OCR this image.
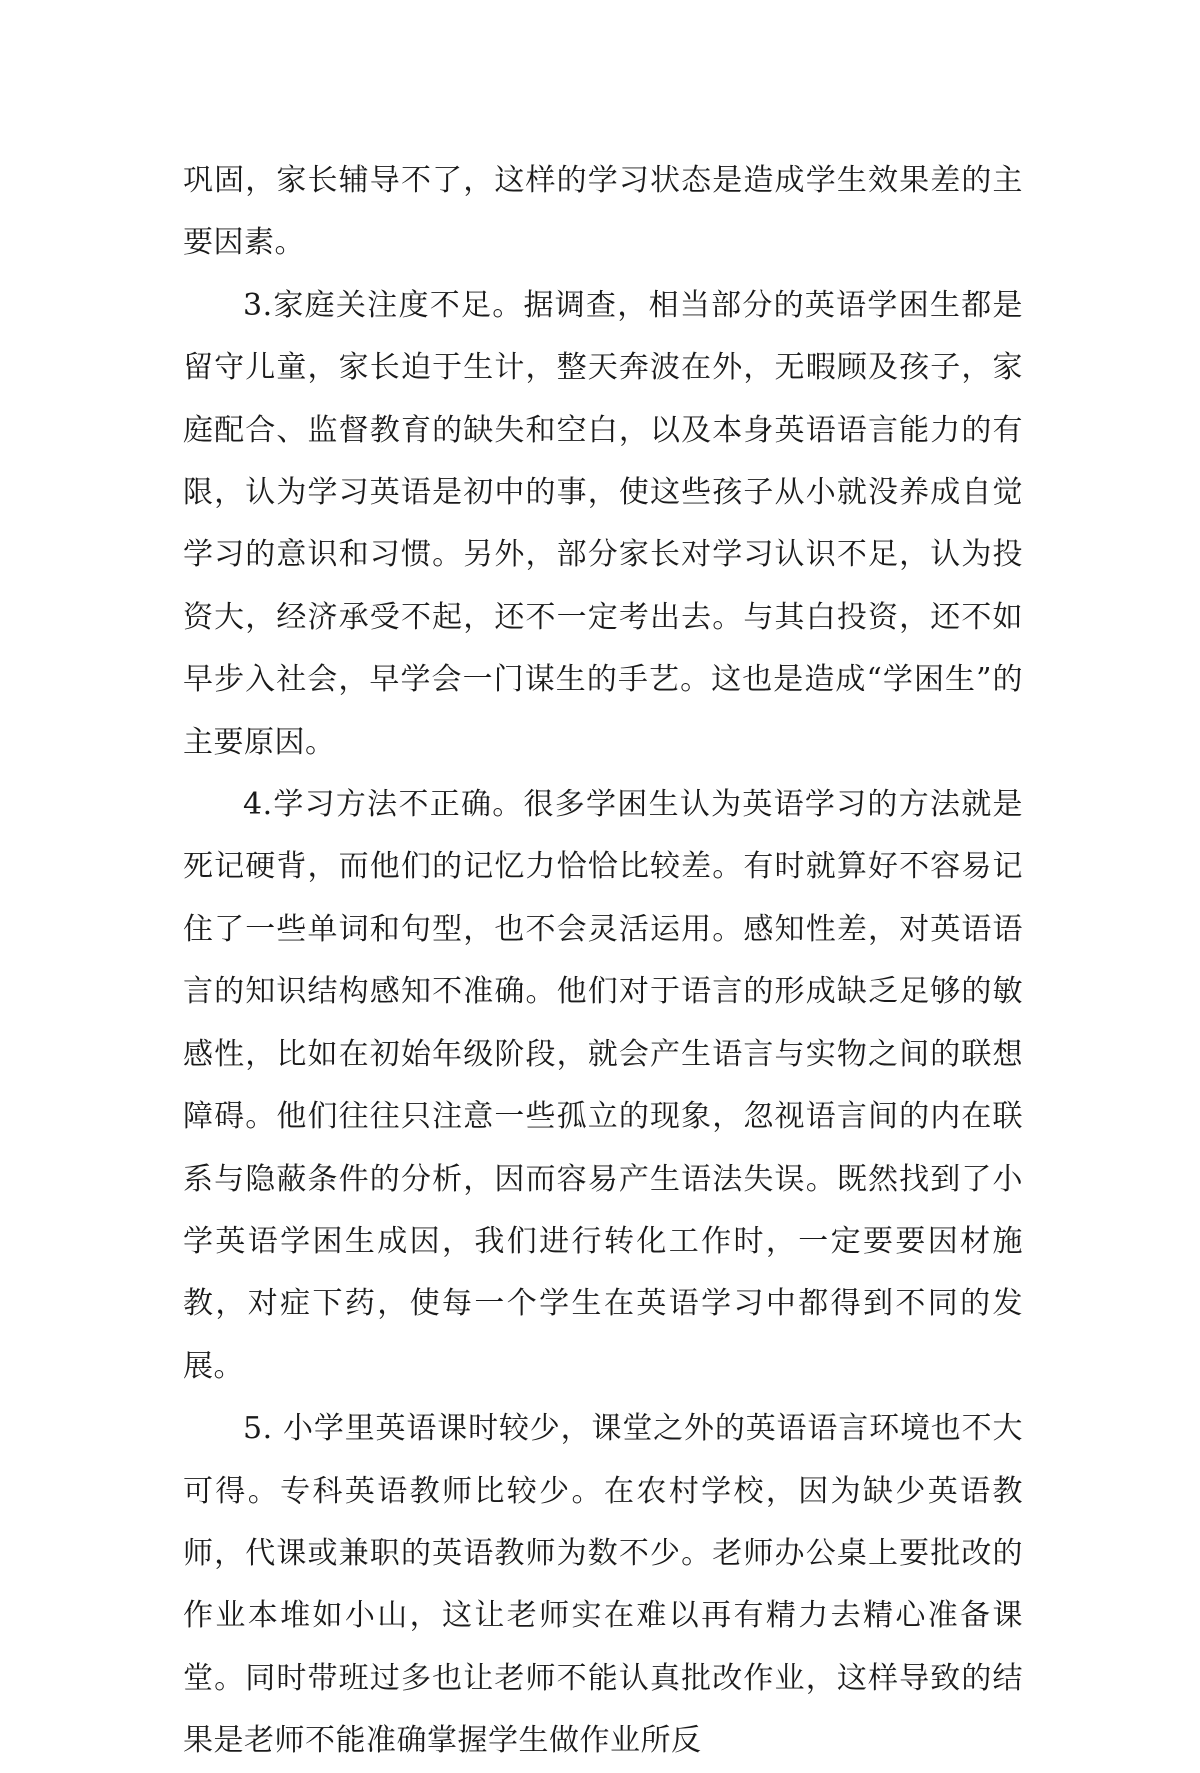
巩固，家长辅导不了，这样的学习状态是造成学生效果差的主要因素。

3.家庭关注度不足。据调查，相当部分的英语学困生都是留守儿童，家长迫于生计，整天奔波在外，无暇顾及孩子，家庭配合、监督教育的缺失和空白，以及本身英语语言能力的有限，认为学习英语是初中的事，使这些孩子从小就没养成自觉学习的意识和习惯。另外，部分家长对学习认识不足，认为投资大，经济承受不起，还不一定考出去。与其白投资，还不如早步入社会，早学会一门谋生的手艺。这也是造成“学困生”的主要原因。

4.学习方法不正确。很多学困生认为英语学习的方法就是死记硬背，而他们的记忆力恰恰比较差。有时就算好不容易记住了一些单词和句型，也不会灵活运用。感知性差，对英语语言的知识结构感知不准确。他们对于语言的形成缺乏足够的敏感性，比如在初始年级阶段，就会产生语言与实物之间的联想障碍。他们往往只注意一些孤立的现象，忽视语言间的内在联系与隐蔽条件的分析，因而容易产生语法失误。既然找到了小学英语学困生成因，我们进行转化工作时，一定要要因材施教，对症下药，使每一个学生在英语学习中都得到不同的发展。

5. 小学里英语课时较少，课堂之外的英语语言环境也不大可得。专科英语教师比较少。在农村学校，因为缺少英语教师，代课或兼职的英语教师为数不少。老师办公桌上要批改的作业本堆如小山，这让老师实在难以再有精力去精心准备课堂。同时带班过多也让老师不能认真批改作业，这样导致的结果是老师不能准确掌握学生做作业所反
